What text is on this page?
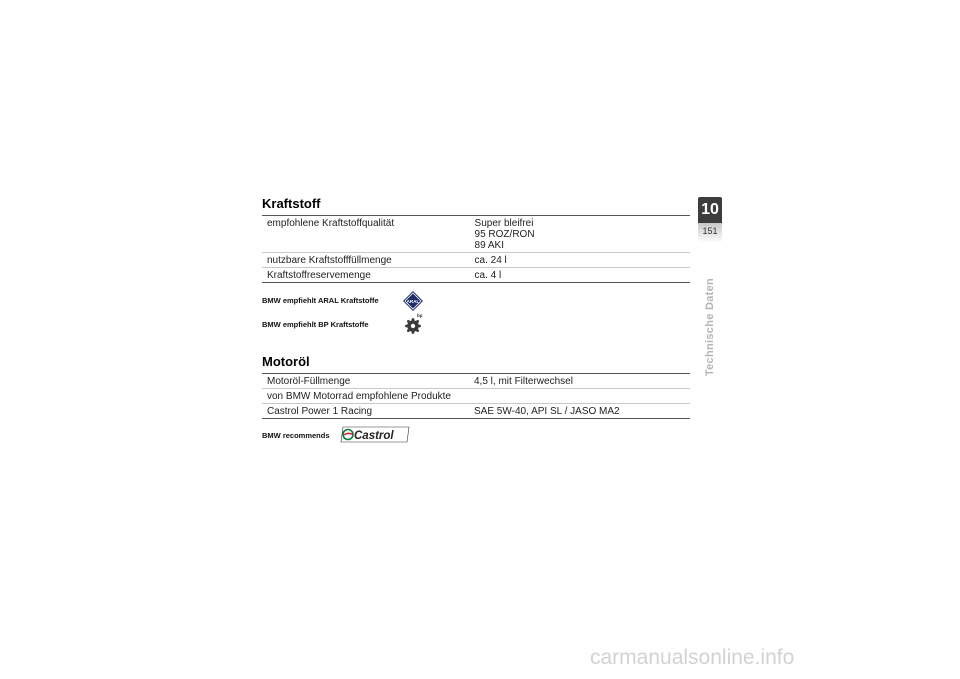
Kraftstoff
empfohlene Kraftstoffqualität	Super bleifrei
95 ROZ/RON
89 AKI

nutzbare Kraftstofffüllmenge	ca. 24 l
Kraftstoffreservemenge	ca. 4 l
BMW empfiehlt ARAL Kraftstoffe	ARAL
BMW empfiehlt BP Kraftstoffe
bp
Motoröl
Motoröl-Füllmenge	4,5 l, mit Filterwechsel
von BMW Motorrad empfohlene Produkte	
Castrol Power 1 Racing	SAE 5W-40, API SL / JASO MA2
BMW recommends Castrol
10
151
Technische Daten
carmanualsonline.info
